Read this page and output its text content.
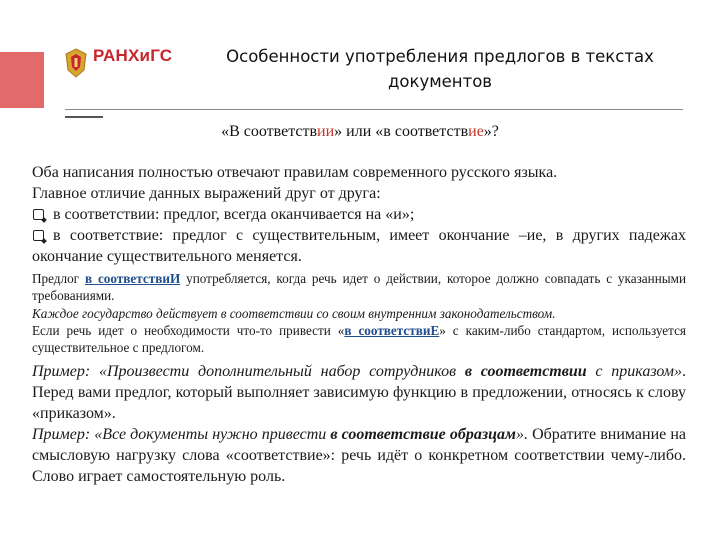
РАНХиГС	Особенности употребления предлогов в текстах документов
«В соответствии» или «в соответствие»?

Оба написания полностью отвечают правилам современного русского языка.

Главное отличие данных выражений друг от друга:

в соответствии: предлог, всегда оканчивается на «и»;
в соответствие: предлог с существительным, имеет окончание –ие, в других падежах окончание существительного меняется.

Предлог в соответствиИ употребляется, когда речь идет о действии, которое должно совпадать с указанными требованиями.

Каждое государство действует в соответствии со своим внутренним законодательством.

Если речь идет о необходимости что-то привести «в соответствиЕ» с каким-либо стандартом, используется существительное с предлогом.

Пример: «Произвести дополнительный набор сотрудников в соответствии с приказом». Перед вами предлог, который выполняет зависимую функцию в предложении, относясь к слову «приказом».

Пример: «Все документы нужно привести в соответствие образцам». Обратите внимание на смысловую нагрузку слова «соответствие»: речь идёт о конкретном соответствии чему-либо. Слово играет самостоятельную роль.
